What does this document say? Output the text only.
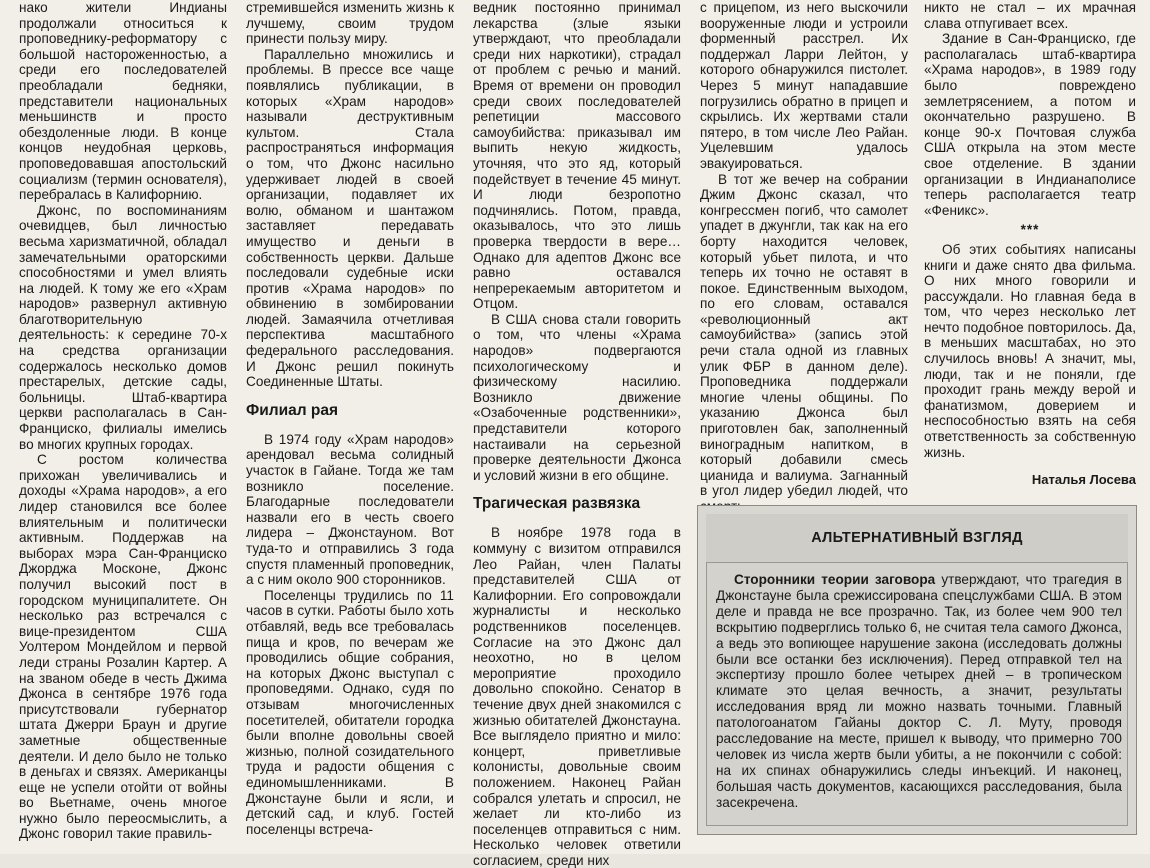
нако жители Индианы продолжали относиться к проповеднику-реформатору с большой настороженностью, а среди его последователей преобладали бедняки, представители национальных меньшинств и просто обездоленные люди. В конце концов неудобная церковь, проповедовавшая апостольский социализм (термин основателя), перебралась в Калифорнию.

Джонс, по воспоминаниям очевидцев, был личностью весьма харизматичной, обладал замечательными ораторскими способностями и умел влиять на людей. К тому же его «Храм народов» развернул активную благотворительную деятельность: к середине 70-х на средства организации содержалось несколько домов престарелых, детские сады, больницы. Штаб-квартира церкви располагалась в Сан-Франциско, филиалы имелись во многих крупных городах.

С ростом количества прихожан увеличивались и доходы «Храма народов», а его лидер становился все более влиятельным и политически активным. Поддержав на выборах мэра Сан-Франциско Джорджа Москоне, Джонс получил высокий пост в городском муниципалитете. Он несколько раз встречался с вице-президентом США Уолтером Мондейлом и первой леди страны Розалин Картер. А на званом обеде в честь Джима Джонса в сентябре 1976 года присутствовали губернатор штата Джерри Браун и другие заметные общественные деятели. И дело было не только в деньгах и связях. Американцы еще не успели отойти от войны во Вьетнаме, очень многое нужно было переосмыслить, а Джонс говорил такие правиль-

стремившейся изменить жизнь к лучшему, своим трудом принести пользу миру.

Параллельно множились и проблемы. В прессе все чаще появлялись публикации, в которых «Храм народов» называли деструктивным культом. Стала распространяться информация о том, что Джонс насильно удерживает людей в своей организации, подавляет их волю, обманом и шантажом заставляет передавать имущество и деньги в собственность церкви. Дальше последовали судебные иски против «Храма народов» по обвинению в зомбировании людей. Замаячила отчетливая перспектива масштабного федерального расследования. И Джонс решил покинуть Соединенные Штаты.

Филиал рая

В 1974 году «Храм народов» арендовал весьма солидный участок в Гайане. Тогда же там возникло поселение. Благодарные последователи назвали его в честь своего лидера – Джонстауном. Вот туда-то и отправились 3 года спустя пламенный проповедник, а с ним около 900 сторонников.

Поселенцы трудились по 11 часов в сутки. Работы было хоть отбавляй, ведь все требовалась пища и кров, по вечерам же проводились общие собрания, на которых Джонс выступал с проповедями. Однако, судя по отзывам многочисленных посетителей, обитатели городка были вполне довольны своей жизнью, полной созидательного труда и радости общения с единомышленниками. В Джонстауне были и ясли, и детский сад, и клуб. Гостей поселенцы встреча-

ведник постоянно принимал лекарства (злые языки утверждают, что преобладали среди них наркотики), страдал от проблем с речью и маний. Время от времени он проводил среди своих последователей репетиции массового самоубийства: приказывал им выпить некую жидкость, уточняя, что это яд, который подействует в течение 45 минут. И люди безропотно подчинялись. Потом, правда, оказывалось, что это лишь проверка твердости в вере… Однако для адептов Джонс все равно оставался непререкаемым авторитетом и Отцом.

В США снова стали говорить о том, что члены «Храма народов» подвергаются психологическому и физическому насилию. Возникло движение «Озабоченные родственники», представители которого настаивали на серьезной проверке деятельности Джонса и условий жизни в его общине.

Трагическая развязка

В ноябре 1978 года в коммуну с визитом отправился Лео Райан, член Палаты представителей США от Калифорнии. Его сопровождали журналисты и несколько родственников поселенцев. Согласие на это Джонс дал неохотно, но в целом мероприятие проходило довольно спокойно. Сенатор в течение двух дней знакомился с жизнью обитателей Джонстауна. Все выглядело приятно и мило: концерт, приветливые колонисты, довольные своим положением. Наконец Райан собрался улетать и спросил, не желает ли кто-либо из поселенцев отправиться с ним. Несколько человек ответили согласием, среди них

с прицепом, из него выскочили вооруженные люди и устроили форменный расстрел. Их поддержал Ларри Лейтон, у которого обнаружился пистолет. Через 5 минут нападавшие погрузились обратно в прицеп и скрылись. Их жертвами стали пятеро, в том числе Лео Райан. Уцелевшим удалось эвакуироваться.

В тот же вечер на собрании Джим Джонс сказал, что конгрессмен погиб, что самолет упадет в джунгли, так как на его борту находится человек, который убьет пилота, и что теперь их точно не оставят в покое. Единственным выходом, по его словам, оставался «революционный акт самоубийства» (запись этой речи стала одной из главных улик ФБР в данном деле). Проповедника поддержали многие члены общины. По указанию Джонса был приготовлен бак, заполненный виноградным напитком, в который добавили смесь цианида и валиума. Загнанный в угол лидер убедил людей, что

никто не стал – их мрачная слава отпугивает всех.

Здание в Сан-Франциско, где располагалась штаб-квартира «Храма народов», в 1989 году было повреждено землетрясением, а потом и окончательно разрушено. В конце 90-х Почтовая служба США открыла на этом месте свое отделение. В здании организации в Индианаполисе теперь располагается театр «Феникс».

***

Об этих событиях написаны книги и даже снято два фильма. О них много говорили и рассуждали. Но главная беда в том, что через несколько лет нечто подобное повторилось. Да, в меньших масштабах, но это случилось вновь! А значит, мы, люди, так и не поняли, где проходит грань между верой и фанатизмом, доверием и неспособностью взять на себя ответственность за собственную жизнь.

Наталья Лосева
АЛЬТЕРНАТИВНЫЙ ВЗГЛЯД

Сторонники теории заговора утверждают, что трагедия в Джонстауне была срежиссирована спецслужбами США. В этом деле и правда не все прозрачно. Так, из более чем 900 тел вскрытию подверглись только 6, не считая тела самого Джонса, а ведь это вопиющее нарушение закона (исследовать должны были все останки без исключения). Перед отправкой тел на экспертизу прошло более четырех дней – в тропическом климате это целая вечность, а значит, результаты исследования вряд ли можно назвать точными. Главный патологоанатом Гайаны доктор С. Л. Муту, проводя расследование на месте, пришел к выводу, что примерно 700 человек из числа жертв были убиты, а не покончили с собой: на их спинах обнаружились следы инъекций. И наконец, большая часть документов, касающихся расследования, была засекречена.
